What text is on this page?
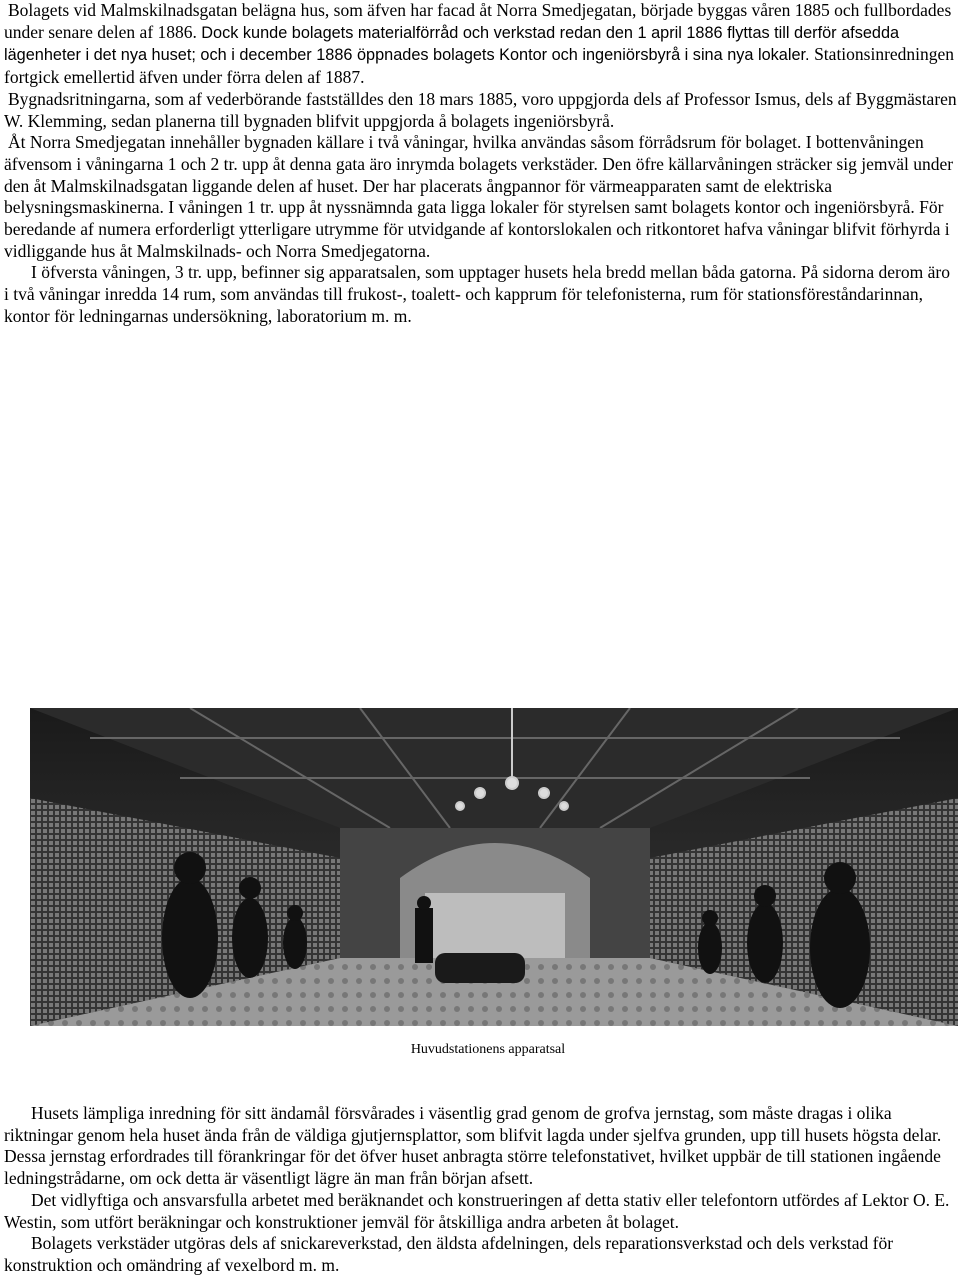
Bolagets vid Malmskilnadsgatan belägna hus, som äfven har facad åt Norra Smedjegatan, började byggas våren 1885 och fullbordades under senare delen af 1886. Dock kunde bolagets materialförråd och verkstad redan den 1 april 1886 flyttas till derför afsedda lägenheter i det nya huset; och i december 1886 öppnades bolagets Kontor och ingeniörsbyrå i sina nya lokaler. Stationsinredningen fortgick emellertid äfven under förra delen af 1887.

Bygnadsritningarna, som af vederbörande fastställdes den 18 mars 1885, voro uppgjorda dels af Professor Ismus, dels af Byggmästaren W. Klemming, sedan planerna till bygnaden blifvit uppgjorda å bolagets ingeniörsbyrå.

Åt Norra Smedjegatan innehåller bygnaden källare i två våningar, hvilka användas såsom förrådsrum för bolaget. I bottenvåningen äfvensom i våningarna 1 och 2 tr. upp åt denna gata äro inrymda bolagets verkstäder. Den öfre källarvåningen sträcker sig jemväl under den åt Malmskilnadsgatan liggande delen af huset. Der har placerats ångpannor för värmeapparaten samt de elektriska belysningsmaskinerna. I våningen 1 tr. upp åt nyssnämnda gata ligga lokaler för styrelsen samt bolagets kontor och ingeniörsbyrå. För beredande af numera erforderligt ytterligare utrymme för utvidgande af kontorslokalen och ritkontoret hafva våningar blifvit förhyrda i vidliggande hus åt Malmskilnads- och Norra Smedjegatorna.

I öfversta våningen, 3 tr. upp, befinner sig apparatsalen, som upptager husets hela bredd mellan båda gatorna. På sidorna derom äro i två våningar inredda 14 rum, som användas till frukost-, toalett- och kapprum för telefonisterna, rum för stationsföreståndarinnan, kontor för ledningarnas undersökning, laboratorium m. m.

Huvudstationens apparatsal

Husets lämpliga inredning för sitt ändamål försvårades i väsentlig grad genom de grofva jernstag, som måste dragas i olika riktningar genom hela huset ända från de väldiga gjutjernsplattor, som blifvit lagda under sjelfva grunden, upp till husets högsta delar. Dessa jernstag erfordrades till förankringar för det öfver huset anbragta större telefonstativet, hvilket uppbär de till stationen ingående ledningstrådarne, om ock detta är väsentligt lägre än man från början afsett.

Det vidlyftiga och ansvarsfulla arbetet med beräknandet och konstrueringen af detta stativ eller telefontorn utfördes af Lektor O. E. Westin, som utfört beräkningar och konstruktioner jemväl för åtskilliga andra arbeten åt bolaget.

Bolagets verkstäder utgöras dels af snickareverkstad, den äldsta afdelningen, dels reparationsverkstad och dels verkstad för konstruktion och omändring af vexelbord m. m.
